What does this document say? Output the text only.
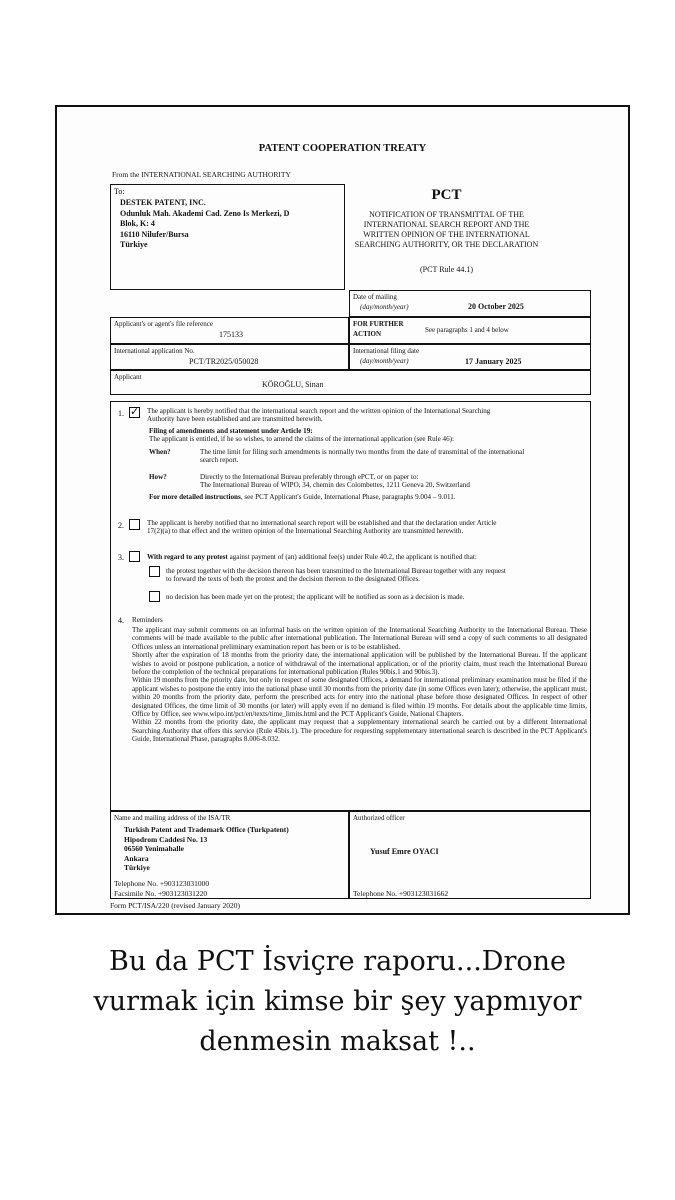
PATENT COOPERATION TREATY
From the INTERNATIONAL SEARCHING AUTHORITY
To:
DESTEK PATENT, INC.
Odunluk Mah. Akademi Cad. Zeno Is Merkezi, D
Blok, K: 4
16110 Nilufer/Bursa
Türkiye
PCT
NOTIFICATION OF TRANSMITTAL OF THE
INTERNATIONAL SEARCH REPORT AND THE
WRITTEN OPINION OF THE INTERNATIONAL
SEARCHING AUTHORITY, OR THE DECLARATION
(PCT Rule 44.1)
Date of mailing
(day/month/year)	20 October 2025
Applicant's or agent's file reference
175133
FOR FURTHER
ACTION	See paragraphs 1 and 4 below
International application No.
PCT/TR2025/050028
International filing date
(day/month/year)	17 January 2025
Applicant
KÖROĞLU, Sinan
1. ✓ The applicant is hereby notified that the international search report and the written opinion of the International Searching

Authority have been established and are transmitted herewith.

Filing of amendments and statement under Article 19:

The applicant is entitled, if he so wishes, to amend the claims of the international application (see Rule 46):

When?	The time limit for filing such amendments is normally two months from the date of transmittal of the international

search report.

How?	Directly to the International Bureau preferably through ePCT, or on paper to:

The International Bureau of WIPO, 34, chemin des Colombettes, 1211 Geneva 20, Switzerland

For more detailed instructions, see PCT Applicant's Guide, International Phase, paragraphs 9.004 – 9.011.

2.	The applicant is hereby notified that no international search report will be established and that the declaration under Article

17(2)(a) to that effect and the written opinion of the International Searching Authority are transmitted herewith.

3.	With regard to any protest against payment of (an) additional fee(s) under Rule 40.2, the applicant is notified that:

the protest together with the decision thereon has been transmitted to the International Bureau together with any request

to forward the texts of both the protest and the decision thereon to the designated Offices.

no decision has been made yet on the protest; the applicant will be notified as soon as a decision is made.

4. Reminders

The applicant may submit comments on an informal basis on the written opinion of the International Searching Authority to the International Bureau. These comments will be made available to the public after international publication. The International Bureau will send a copy of such comments to all designated Offices unless an international preliminary examination report has been or is to be established.

Shortly after the expiration of 18 months from the priority date, the international application will be published by the International Bureau. If the applicant wishes to avoid or postpone publication, a notice of withdrawal of the international application, or of the priority claim, must reach the International Bureau before the completion of the technical preparations for international publication (Rules 90bis.1 and 90bis.3).

Within 19 months from the priority date, but only in respect of some designated Offices, a demand for international preliminary examination must be filed if the applicant wishes to postpone the entry into the national phase until 30 months from the priority date (in some Offices even later); otherwise, the applicant must, within 20 months from the priority date, perform the prescribed acts for entry into the national phase before those designated Offices. In respect of other designated Offices, the time limit of 30 months (or later) will apply even if no demand is filed within 19 months. For details about the applicable time limits, Office by Office, see www.wipo.int/pct/en/texts/time_limits.html and the PCT Applicant's Guide, National Chapters.

Within 22 months from the priority date, the applicant may request that a supplementary international search be carried out by a different International Searching Authority that offers this service (Rule 45bis.1). The procedure for requesting supplementary international search is described in the PCT Applicant's Guide, International Phase, paragraphs 8.006-8.032.

Name and mailing address of the ISA/TR
Turkish Patent and Trademark Office (Turkpatent)
Hipodrom Caddesi No. 13
06560 Yenimahalle
Ankara
Türkiye
Telephone No. +903123031000
Facsimile No. +903123031220
Authorized officer
Yusuf Emre OYACI
Telephone No. +903123031662
Form PCT/ISA/220 (revised January 2020)
Bu da PCT İsviçre raporu...Drone
vurmak için kimse bir şey yapmıyor
denmesin maksat !..
